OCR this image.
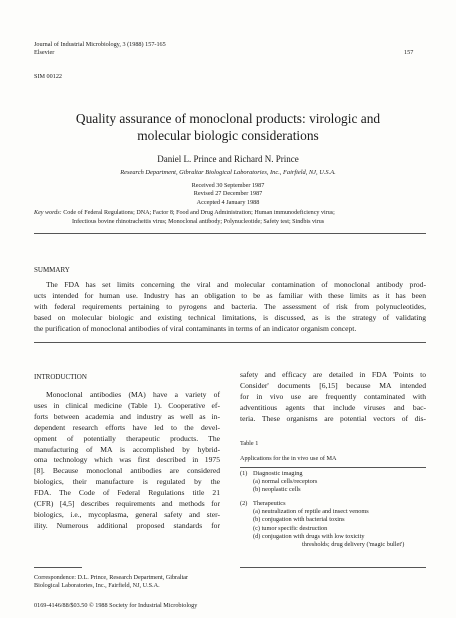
Journal of Industrial Microbiology, 3 (1988) 157-165
Elsevier	157
SIM 00122
Quality assurance of monoclonal products: virologic and
molecular biologic considerations
Daniel L. Prince and Richard N. Prince
Research Department, Gibraltar Biological Laboratories, Inc., Fairfield, NJ, U.S.A.
Received 30 September 1987
Revised 27 December 1987
Accepted 4 January 1988
Key words: Code of Federal Regulations; DNA; Factor 8; Food and Drug Administration; Human immunodeficiency virus;
Infectious bovine rhinotracheitis virus; Monoclonal antibody; Polynucleotide; Safety test; Sindbis virus
SUMMARY
The FDA has set limits concerning the viral and molecular contamination of monoclonal antibody prod-
ucts intended for human use. Industry has an obligation to be as familiar with these limits as it has been
with federal requirements pertaining to pyrogens and bacteria. The assessment of risk from polynucleotides,
based on molecular biologic and existing technical limitations, is discussed, as is the strategy of validating
the purification of monoclonal antibodies of viral contaminants in terms of an indicator organism concept.
INTRODUCTION
Monoclonal antibodies (MA) have a variety of
uses in clinical medicine (Table 1). Cooperative ef-
forts between academia and industry as well as in-
dependent research efforts have led to the devel-
opment of potentially therapeutic products. The
manufacturing of MA is accomplished by hybrid-
oma technology which was first described in 1975
[8]. Because monoclonal antibodies are considered
biologics, their manufacture is regulated by the
FDA. The Code of Federal Regulations title 21
(CFR) [4,5] describes requirements and methods for
biologics, i.e., mycoplasma, general safety and ster-
ility. Numerous additional proposed standards for
safety and efficacy are detailed in FDA 'Points to
Consider' documents [6,15] because MA intended
for in vivo use are frequently contaminated with
adventitious agents that include viruses and bac-
teria. These organisms are potential vectors of dis-
Table 1
Applications for the in vivo use of MA
(1) Diagnostic imaging
(a) normal cells/receptors
(b) neoplastic cells
(2) Therapeutics
(a) neutralization of reptile and insect venoms
(b) conjugation with bacterial toxins
(c) tumor specific destruction
(d) conjugation with drugs with low toxicity
thresholds; drug delivery ('magic bullet')
Correspondence: D.L. Prince, Research Department, Gibraltar
Biological Laboratories, Inc., Fairfield, NJ, U.S.A.
0169-4146/88/$03.50 © 1988 Society for Industrial Microbiology
